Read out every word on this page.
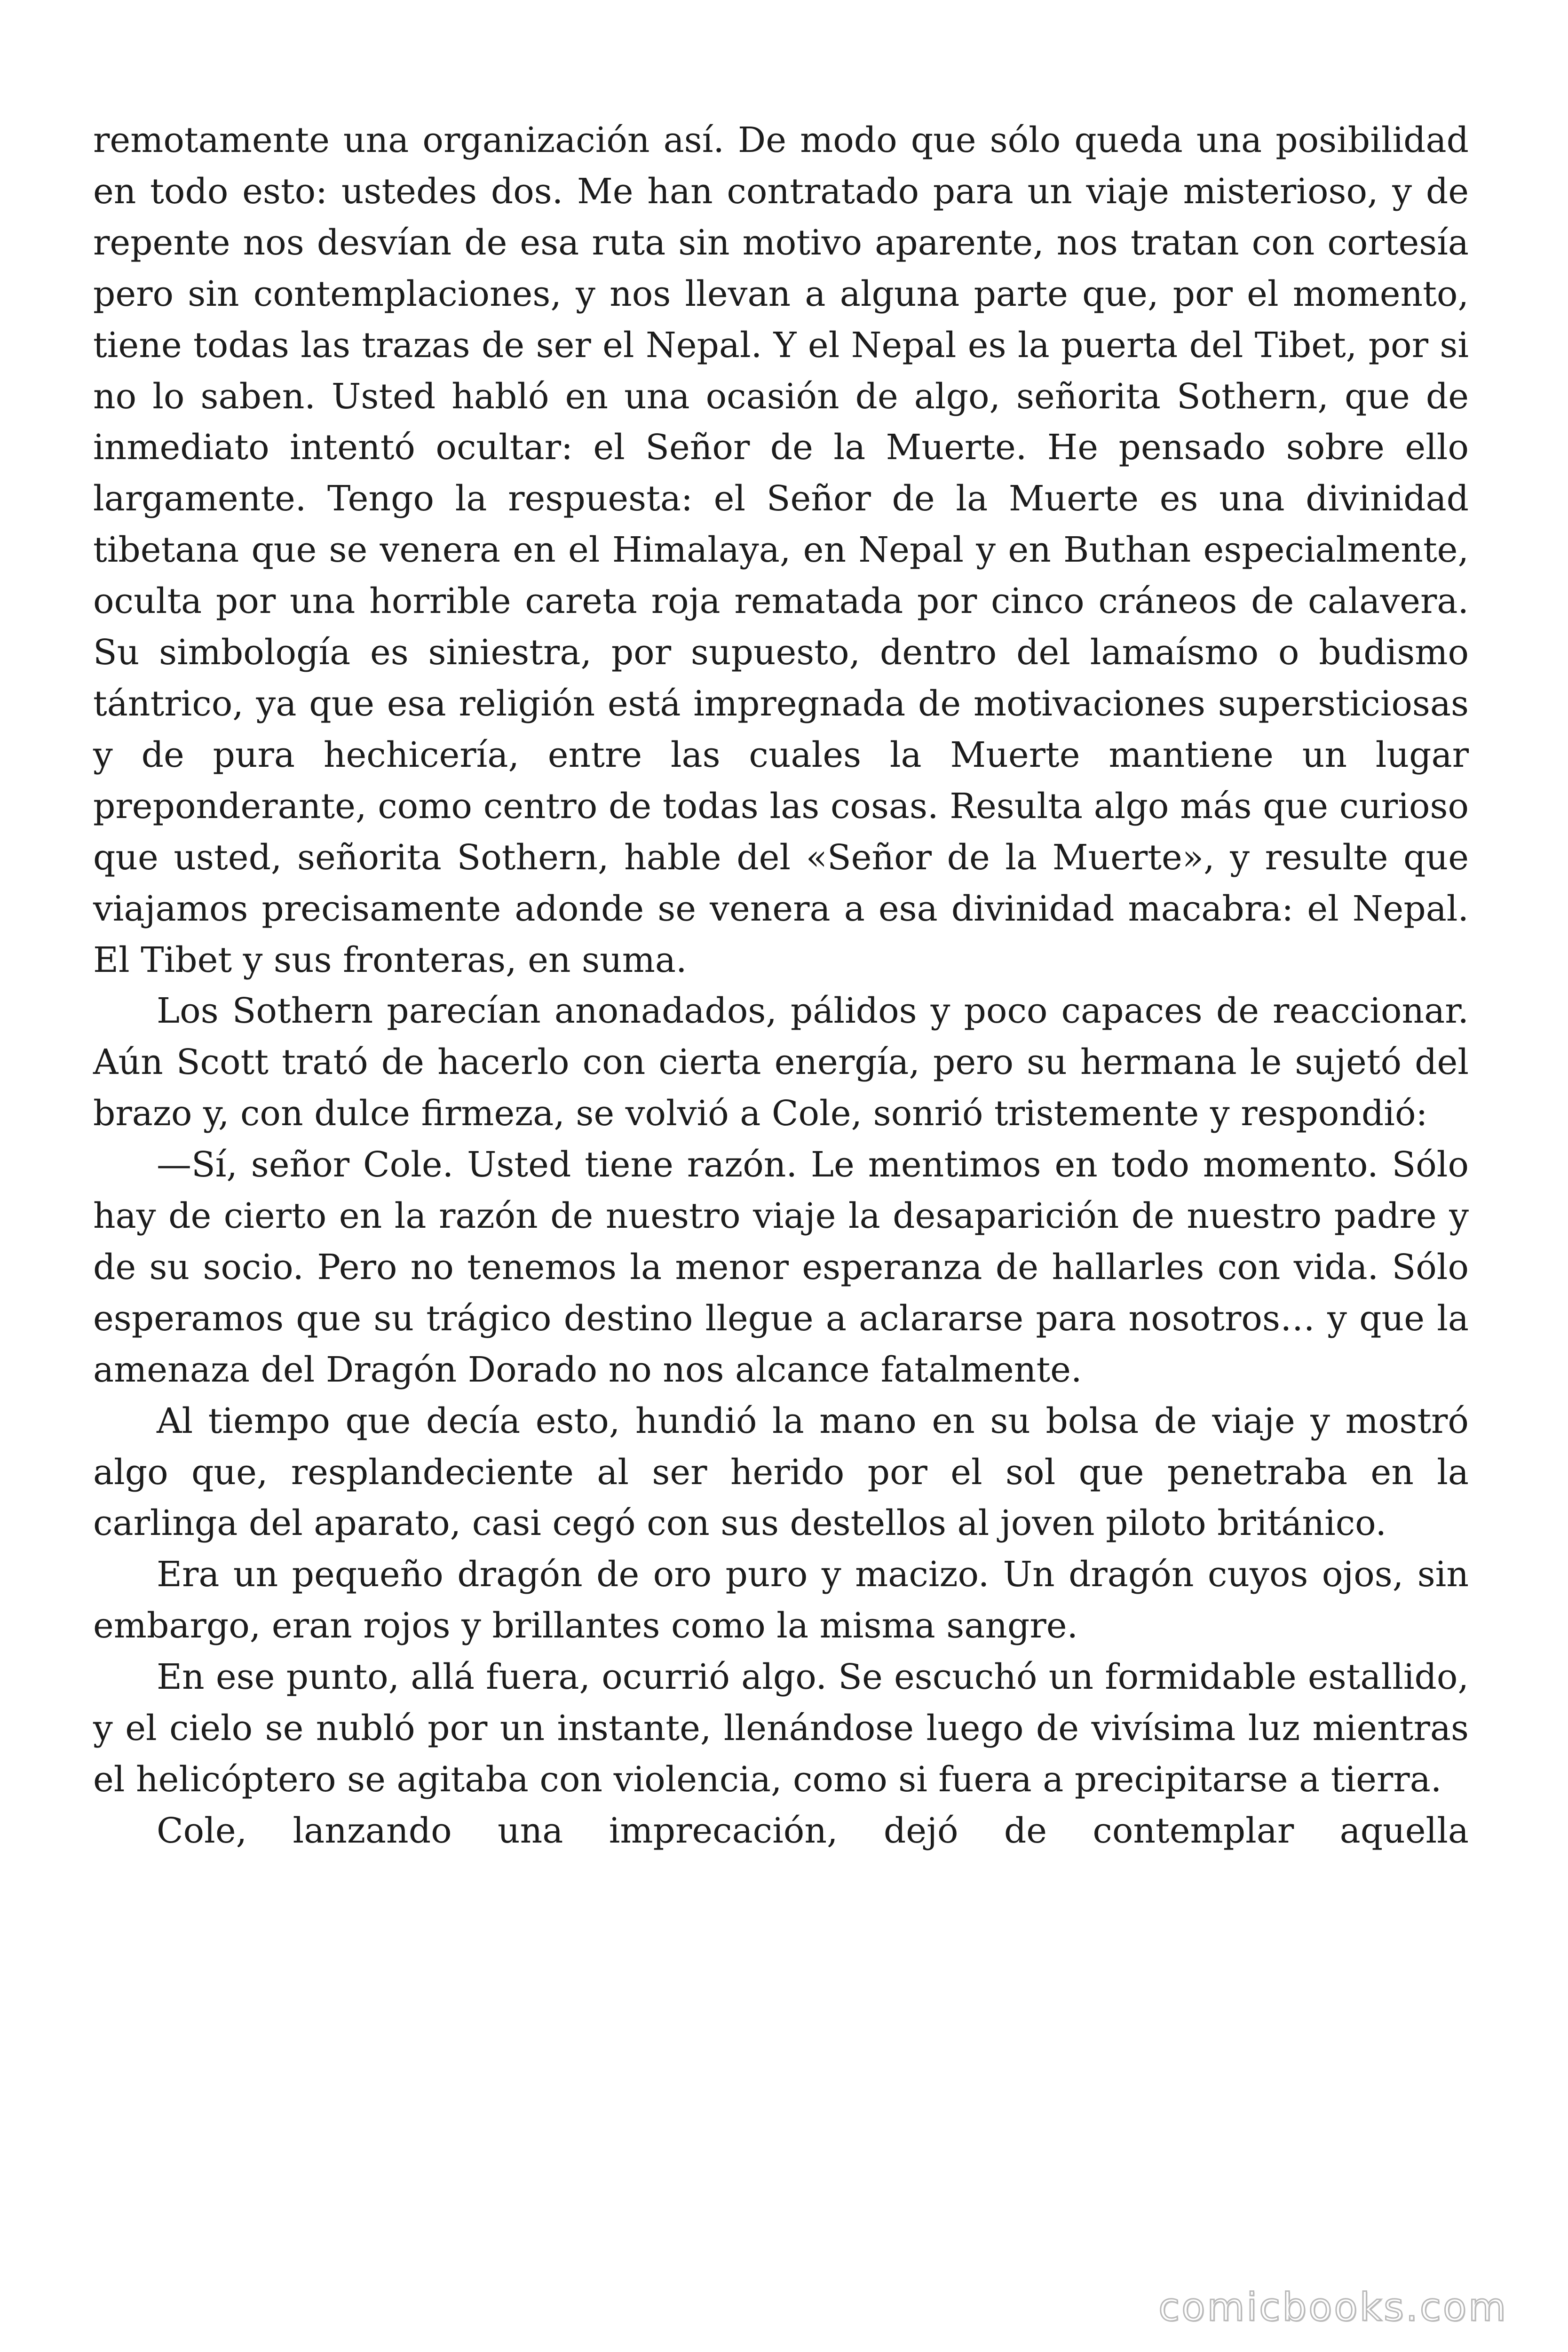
remotamente una organización así. De modo que sólo queda una posibilidad en todo esto: ustedes dos. Me han contratado para un viaje misterioso, y de repente nos desvían de esa ruta sin motivo aparente, nos tratan con cortesía pero sin contemplaciones, y nos llevan a alguna parte que, por el momento, tiene todas las trazas de ser el Nepal. Y el Nepal es la puerta del Tibet, por si no lo saben. Usted habló en una ocasión de algo, señorita Sothern, que de inmediato intentó ocultar: el Señor de la Muerte. He pensado sobre ello largamente. Tengo la respuesta: el Señor de la Muerte es una divinidad tibetana que se venera en el Himalaya, en Nepal y en Buthan especialmente, oculta por una horrible careta roja rematada por cinco cráneos de calavera. Su simbología es siniestra, por supuesto, dentro del lamaísmo o budismo tántrico, ya que esa religión está impregnada de motivaciones supersticiosas y de pura hechicería, entre las cuales la Muerte mantiene un lugar preponderante, como centro de todas las cosas. Resulta algo más que curioso que usted, señorita Sothern, hable del «Señor de la Muerte», y resulte que viajamos precisamente adonde se venera a esa divinidad macabra: el Nepal. El Tibet y sus fronteras, en suma.

Los Sothern parecían anonadados, pálidos y poco capaces de reaccionar. Aún Scott trató de hacerlo con cierta energía, pero su hermana le sujetó del brazo y, con dulce firmeza, se volvió a Cole, sonrió tristemente y respondió:

—Sí, señor Cole. Usted tiene razón. Le mentimos en todo momento. Sólo hay de cierto en la razón de nuestro viaje la desaparición de nuestro padre y de su socio. Pero no tenemos la menor esperanza de hallarles con vida. Sólo esperamos que su trágico destino llegue a aclararse para nosotros… y que la amenaza del Dragón Dorado no nos alcance fatalmente.

Al tiempo que decía esto, hundió la mano en su bolsa de viaje y mostró algo que, resplandeciente al ser herido por el sol que penetraba en la carlinga del aparato, casi cegó con sus destellos al joven piloto británico.

Era un pequeño dragón de oro puro y macizo. Un dragón cuyos ojos, sin embargo, eran rojos y brillantes como la misma sangre.

En ese punto, allá fuera, ocurrió algo. Se escuchó un formidable estallido, y el cielo se nubló por un instante, llenándose luego de vivísima luz mientras el helicóptero se agitaba con violencia, como si fuera a precipitarse a tierra.

Cole, lanzando una imprecación, dejó de contemplar aquella

comicbooks.com
